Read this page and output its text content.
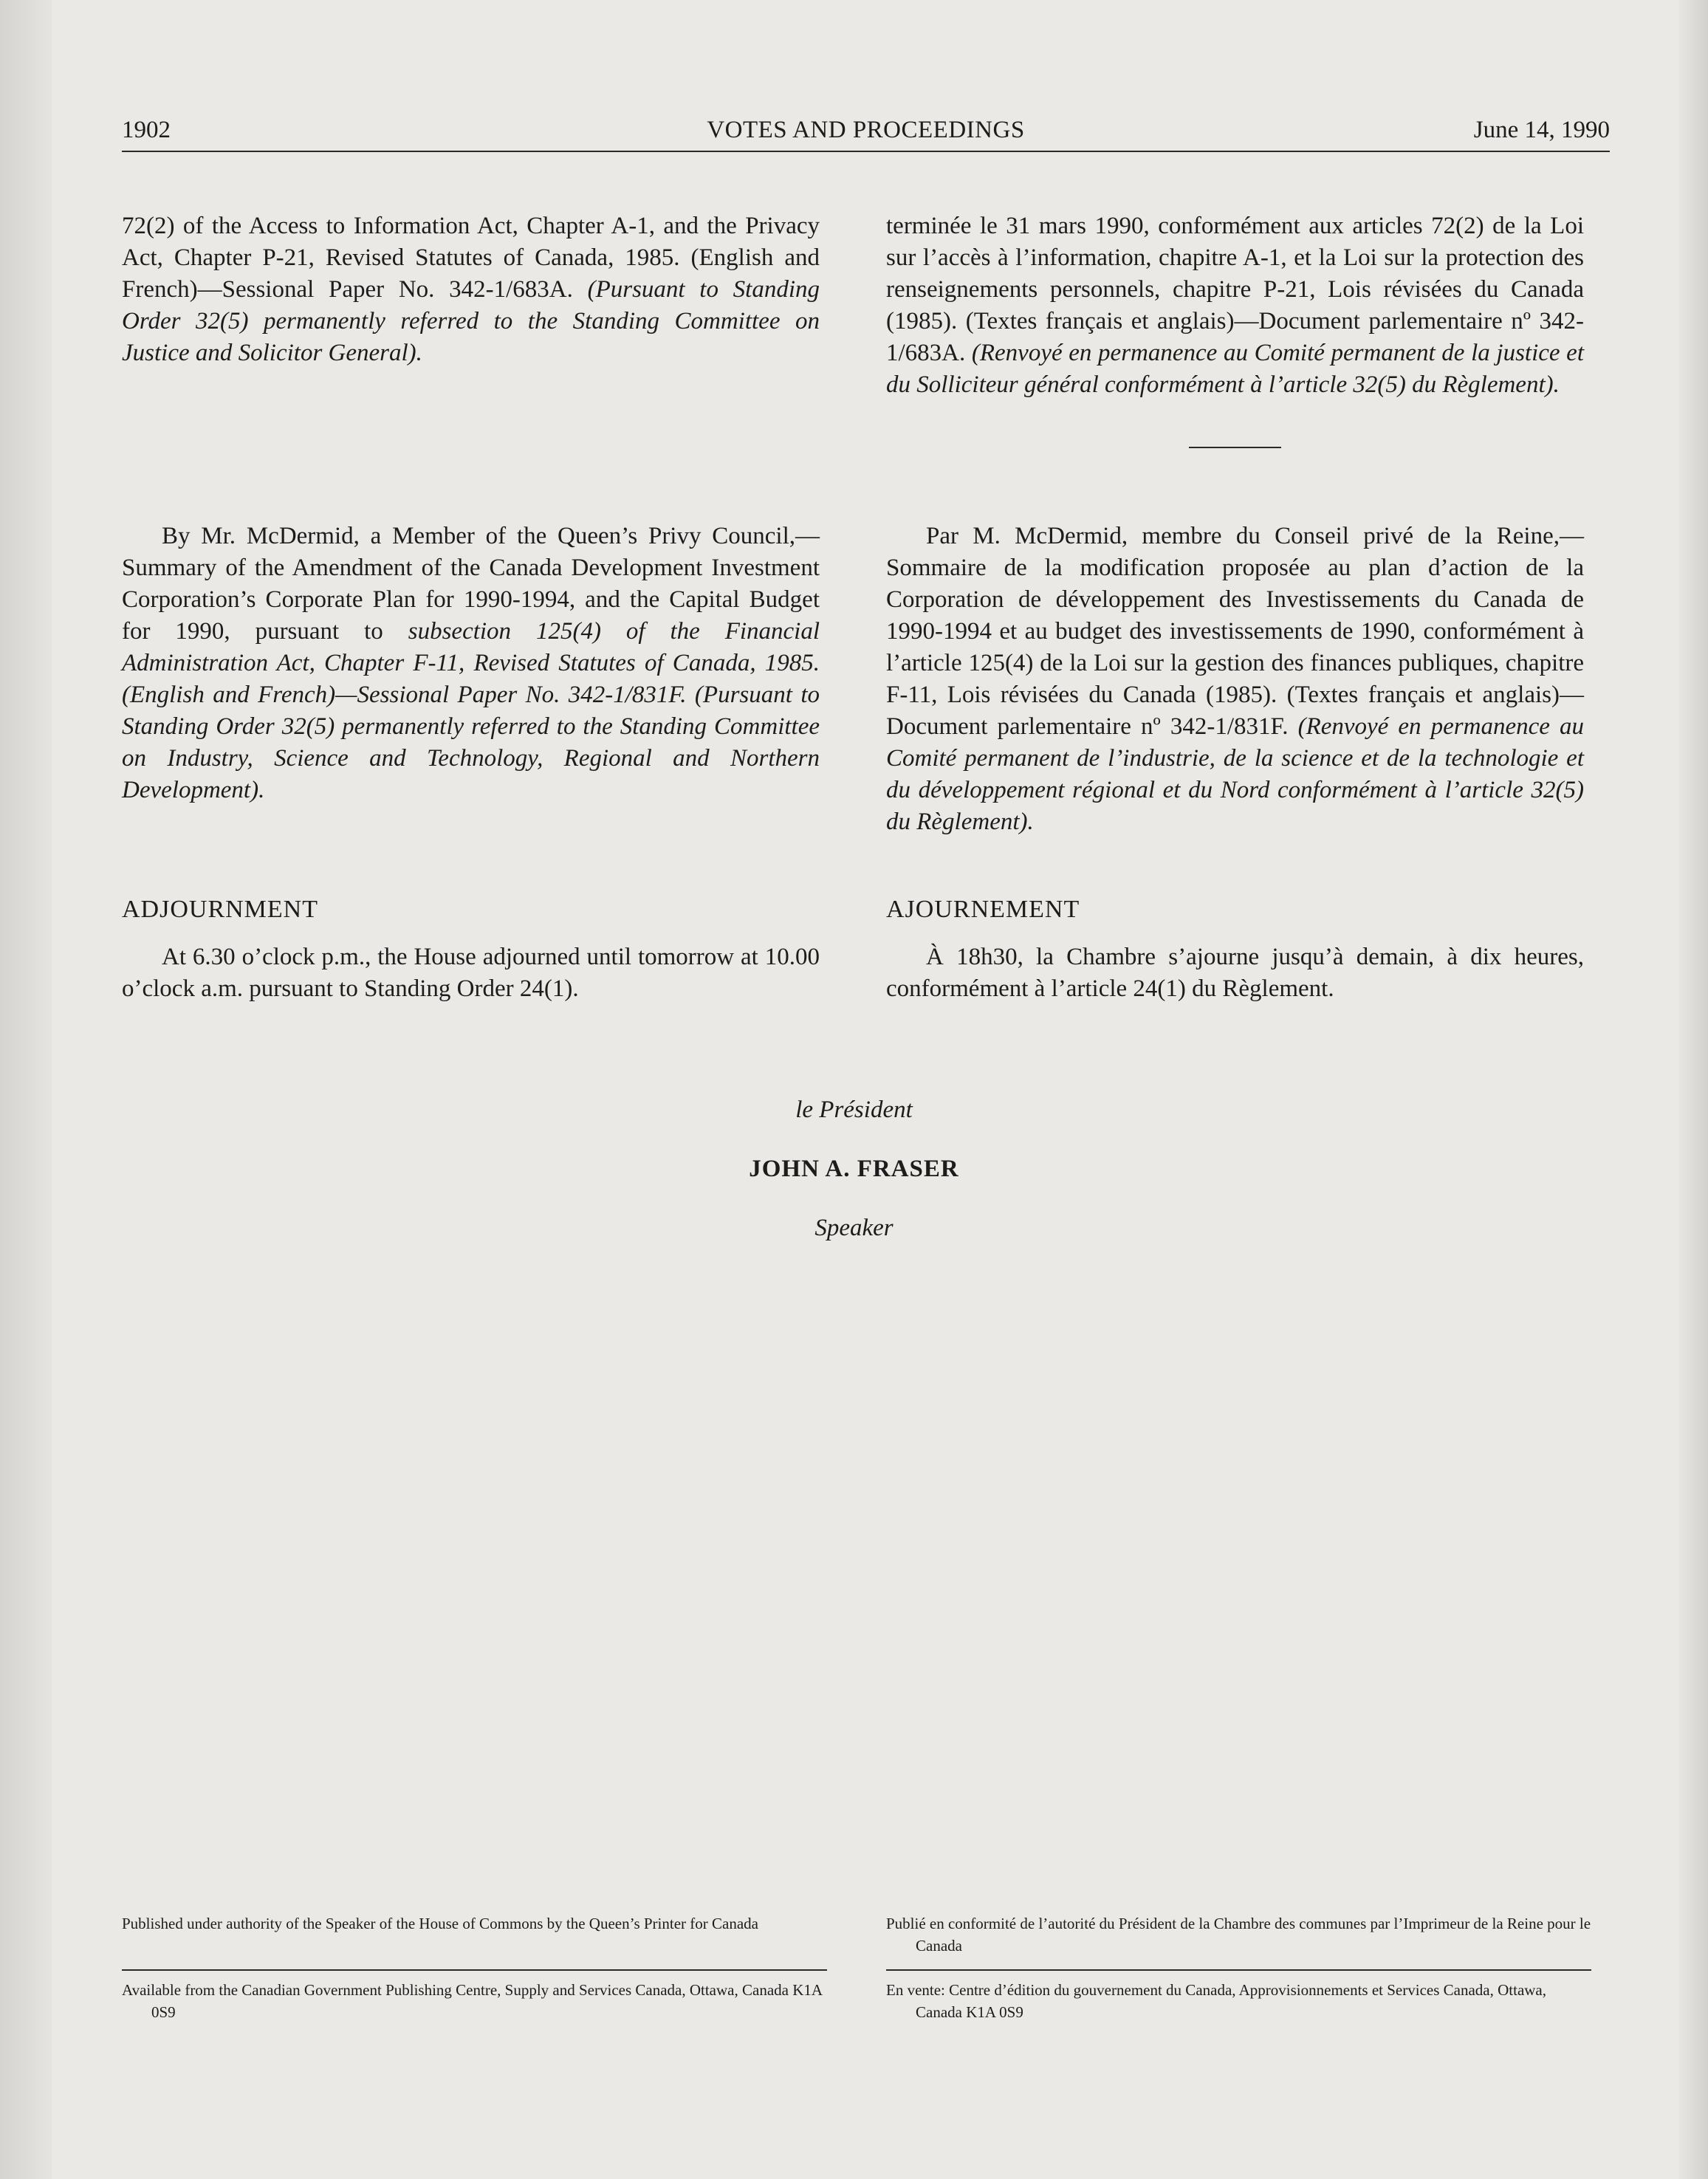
1902	VOTES AND PROCEEDINGS	June 14, 1990

72(2) of the Access to Information Act, Chapter A-1, and the Privacy Act, Chapter P-21, Revised Statutes of Canada, 1985. (English and French)—Sessional Paper No. 342-1/683A. (Pursuant to Standing Order 32(5) permanently referred to the Standing Committee on Justice and Solicitor General).

By Mr. McDermid, a Member of the Queen’s Privy Council,—Summary of the Amendment of the Canada Development Investment Corporation’s Corporate Plan for 1990-1994, and the Capital Budget for 1990, pursuant to subsection 125(4) of the Financial Administration Act, Chapter F-11, Revised Statutes of Canada, 1985. (English and French)—Sessional Paper No. 342-1/831F. (Pursuant to Standing Order 32(5) permanently referred to the Standing Committee on Industry, Science and Technology, Regional and Northern Development).

ADJOURNMENT

At 6.30 o’clock p.m., the House adjourned until tomorrow at 10.00 o’clock a.m. pursuant to Standing Order 24(1).

terminée le 31 mars 1990, conformément aux articles 72(2) de la Loi sur l’accès à l’information, chapitre A-1, et la Loi sur la protection des renseignements personnels, chapitre P-21, Lois révisées du Canada (1985). (Textes français et anglais)—Document parlementaire nº 342-1/683A. (Renvoyé en permanence au Comité permanent de la justice et du Solliciteur général conformément à l’article 32(5) du Règlement).

Par M. McDermid, membre du Conseil privé de la Reine,—Sommaire de la modification proposée au plan d’action de la Corporation de développement des Investissements du Canada de 1990-1994 et au budget des investissements de 1990, conformément à l’article 125(4) de la Loi sur la gestion des finances publiques, chapitre F-11, Lois révisées du Canada (1985). (Textes français et anglais)—Document parlementaire nº 342-1/831F. (Renvoyé en permanence au Comité permanent de l’industrie, de la science et de la technologie et du développement régional et du Nord conformément à l’article 32(5) du Règlement).

AJOURNEMENT

À 18h30, la Chambre s’ajourne jusqu’à demain, à dix heures, conformément à l’article 24(1) du Règlement.

le Président
JOHN A. FRASER
Speaker

Published under authority of the Speaker of the House of Commons by the Queen’s Printer for Canada

Available from the Canadian Government Publishing Centre, Supply and Services Canada, Ottawa, Canada K1A 0S9

Publié en conformité de l’autorité du Président de la Chambre des communes par l’Imprimeur de la Reine pour le Canada

En vente: Centre d’édition du gouvernement du Canada, Approvisionnements et Services Canada, Ottawa, Canada K1A 0S9
